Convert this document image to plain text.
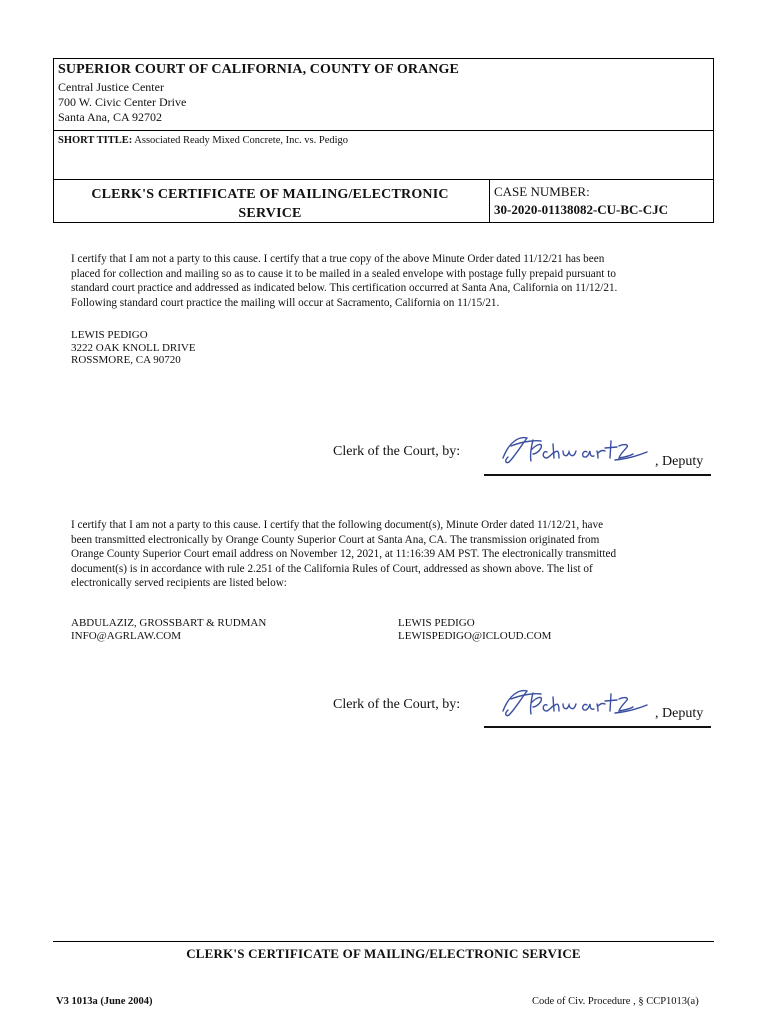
SUPERIOR COURT OF CALIFORNIA, COUNTY OF ORANGE
Central Justice Center
700 W. Civic Center Drive
Santa Ana, CA 92702
SHORT TITLE: Associated Ready Mixed Concrete, Inc. vs. Pedigo
CLERK'S CERTIFICATE OF MAILING/ELECTRONIC
SERVICE
CASE NUMBER:
30-2020-01138082-CU-BC-CJC
I certify that I am not a party to this cause. I certify that a true copy of the above Minute Order dated 11/12/21 has been
placed for collection and mailing so as to cause it to be mailed in a sealed envelope with postage fully prepaid pursuant to
standard court practice and addressed as indicated below. This certification occurred at Santa Ana, California on 11/12/21.
Following standard court practice the mailing will occur at Sacramento, California on 11/15/21.
LEWIS PEDIGO
3222 OAK KNOLL DRIVE
ROSSMORE, CA 90720
Clerk of the Court, by:
, Deputy
I certify that I am not a party to this cause. I certify that the following document(s), Minute Order dated 11/12/21, have
been transmitted electronically by Orange County Superior Court at Santa Ana, CA. The transmission originated from
Orange County Superior Court email address on November 12, 2021, at 11:16:39 AM PST. The electronically transmitted
document(s) is in accordance with rule 2.251 of the California Rules of Court, addressed as shown above. The list of
electronically served recipients are listed below:
ABDULAZIZ, GROSSBART & RUDMAN
INFO@AGRLAW.COM
LEWIS PEDIGO
LEWISPEDIGO@ICLOUD.COM
Clerk of the Court, by:
, Deputy
CLERK'S CERTIFICATE OF MAILING/ELECTRONIC SERVICE
V3 1013a (June 2004)	Code of Civ. Procedure , § CCP1013(a)
